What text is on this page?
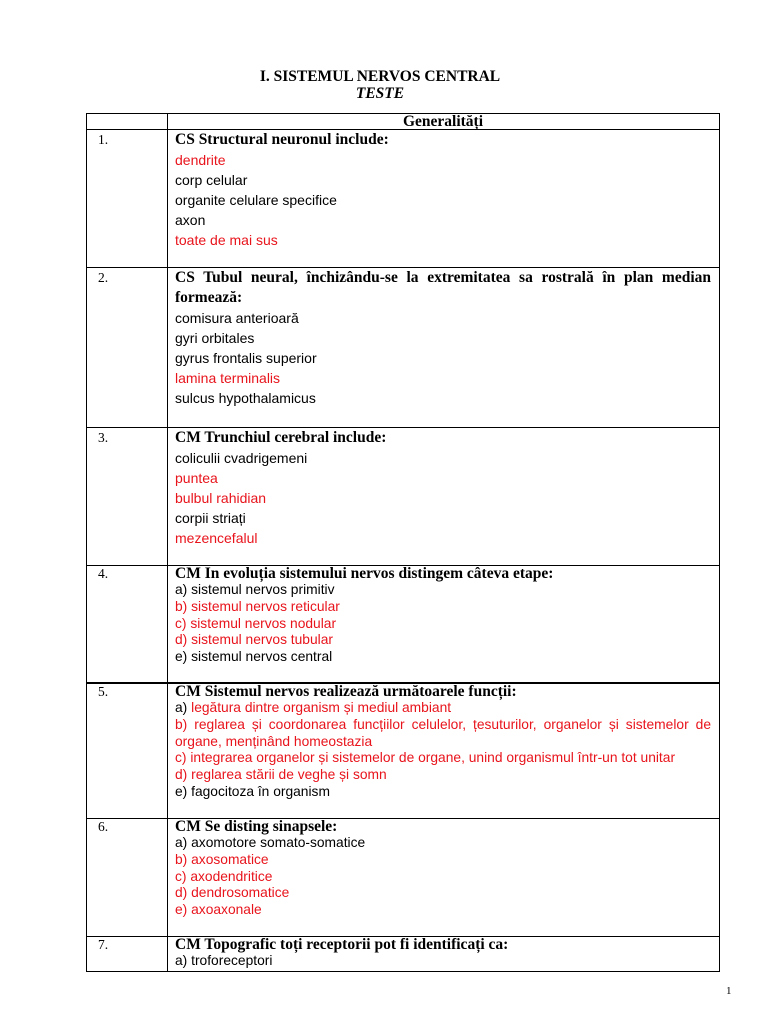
I. SISTEMUL NERVOS CENTRAL
TESTE
Generalități
1.	CS Structural neuronul include:
dendrite
corp celular
organite celulare specifice
axon
toate de mai sus
2.	CS Tubul neural, închizându-se la extremitatea sa rostrală în plan median formează:
comisura anterioară
gyri orbitales
gyrus frontalis superior
lamina terminalis
sulcus hypothalamicus
3.	CM Trunchiul cerebral include:
coliculii cvadrigemeni
puntea
bulbul rahidian
corpii striați
mezencefalul
4.	CM In evoluția sistemului nervos distingem câteva etape:
a) sistemul nervos primitiv
b) sistemul nervos reticular
c) sistemul nervos nodular
d) sistemul nervos tubular
e) sistemul nervos central
5.	CM Sistemul nervos realizează următoarele funcții:
a) legătura dintre organism și mediul ambiant
b) reglarea și coordonarea funcțiilor celulelor, țesuturilor, organelor și sistemelor de organe, menținând homeostazia
c) integrarea organelor și sistemelor de organe, unind organismul într-un tot unitar
d) reglarea stării de veghe și somn
e) fagocitoza în organism
6.	CM Se disting sinapsele:
a) axomotore somato-somatice
b) axosomatice
c) axodendritice
d) dendrosomatice
e) axoaxonale
7.	CM Topografic toți receptorii pot fi identificați ca:
a) troforeceptori
1
